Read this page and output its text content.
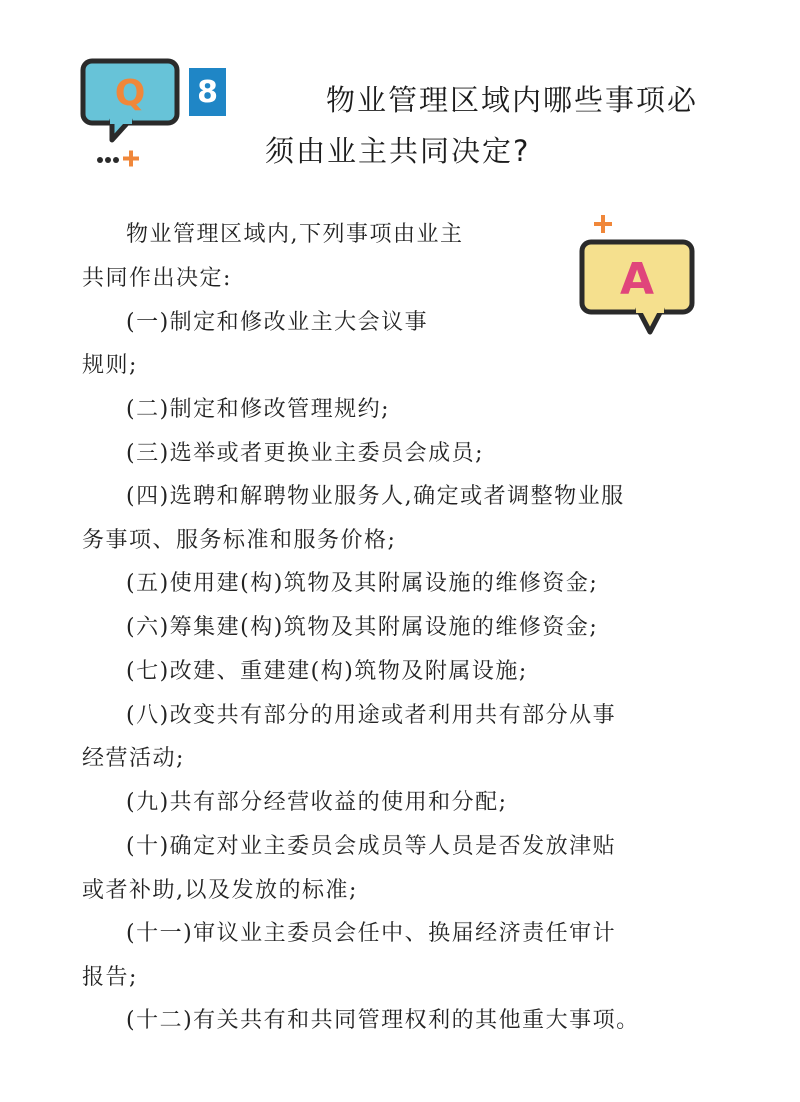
Q 8	物业管理区域内哪些事项必
须由业主共同决定?
A
物业管理区域内,下列事项由业主
共同作出决定:
(一)制定和修改业主大会议事
规则;
(二)制定和修改管理规约;
(三)选举或者更换业主委员会成员;
(四)选聘和解聘物业服务人,确定或者调整物业服
务事项、服务标准和服务价格;
(五)使用建(构)筑物及其附属设施的维修资金;
(六)筹集建(构)筑物及其附属设施的维修资金;
(七)改建、重建建(构)筑物及附属设施;
(八)改变共有部分的用途或者利用共有部分从事
经营活动;
(九)共有部分经营收益的使用和分配;
(十)确定对业主委员会成员等人员是否发放津贴
或者补助,以及发放的标准;
(十一)审议业主委员会任中、换届经济责任审计
报告;
(十二)有关共有和共同管理权利的其他重大事项。
